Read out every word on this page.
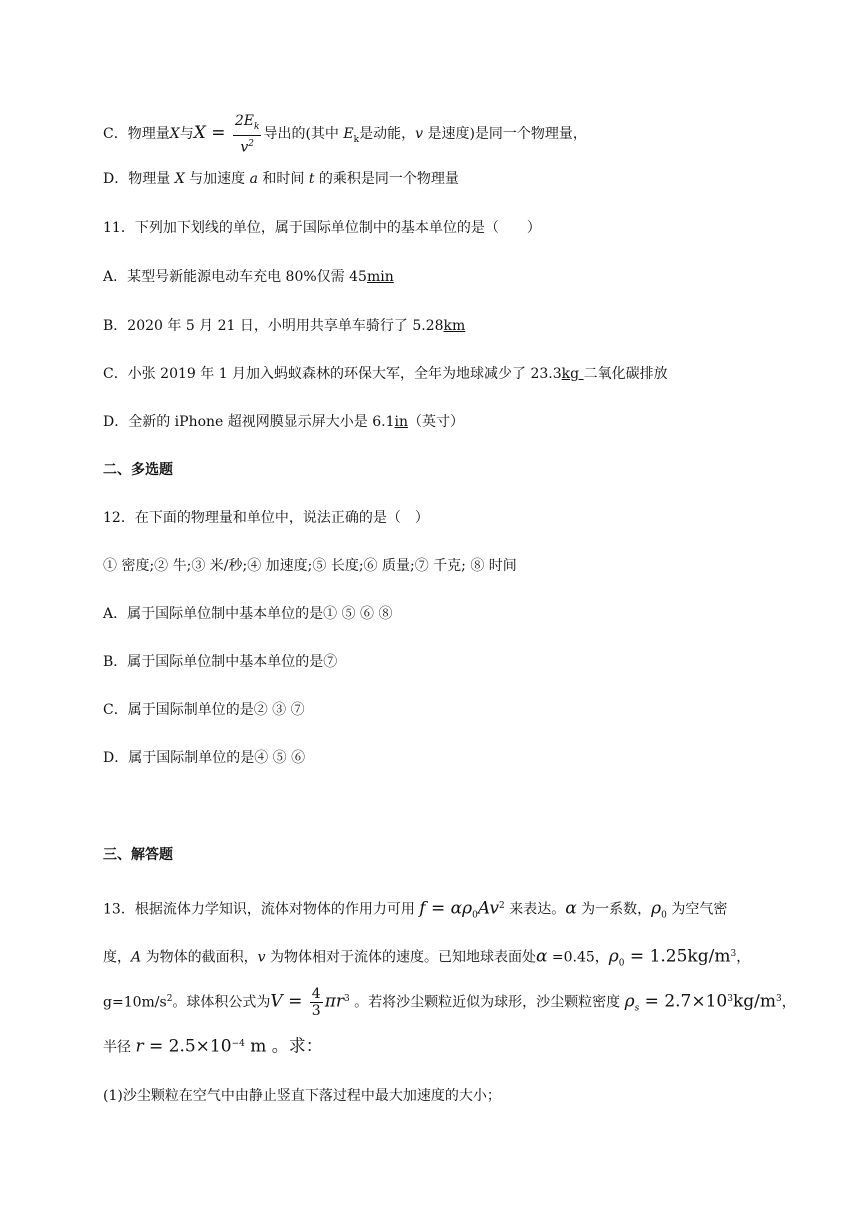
C．物理量X与$X = \frac{2E_k}{v^2}$ 导出的(其中 $E_k$是动能，v 是速度)是同一个物理量，
D．物理量 X 与加速度 a 和时间 t 的乘积是同一个物理量
11．下列加下划线的单位，属于国际单位制中的基本单位的是（　　）
A．某型号新能源电动车充电 80%仅需 45min
B．2020 年 5 月 21 日，小明用共享单车骑行了 5.28km
C．小张 2019 年 1 月加入蚂蚁森林的环保大军，全年为地球减少了 23.3kg 二氧化碳排放
D．全新的 iPhone 超视网膜显示屏大小是 6.1in（英寸）
二、多选题
12．在下面的物理量和单位中，说法正确的是（　）
① 密度;② 牛;③ 米/秒;④ 加速度;⑤ 长度;⑥ 质量;⑦ 千克; ⑧ 时间
A．属于国际单位制中基本单位的是① ⑤ ⑥ ⑧
B．属于国际单位制中基本单位的是⑦
C．属于国际制单位的是② ③ ⑦
D．属于国际制单位的是④ ⑤ ⑥
三、解答题
13．根据流体力学知识，流体对物体的作用力可用 $f = \alpha\rho_0Av^2$ 来表达。α 为一系数，$\rho_0$ 为空气密
度，A 为物体的截面积，v 为物体相对于流体的速度。已知地球表面处α =0.45，$\rho_0 = 1.25kg/m^3$，
$g=10m/s^2$。球体积公式为$V = \frac{4}{3} \pi r^3$ 。若将沙尘颗粒近似为球形，沙尘颗粒密度 $\rho_s = 2.7\times 10^3kg/m^3$，
半径 $r = 2.5\times 10^{-4}$ m 。求：
(1)沙尘颗粒在空气中由静止竖直下落过程中最大加速度的大小；
